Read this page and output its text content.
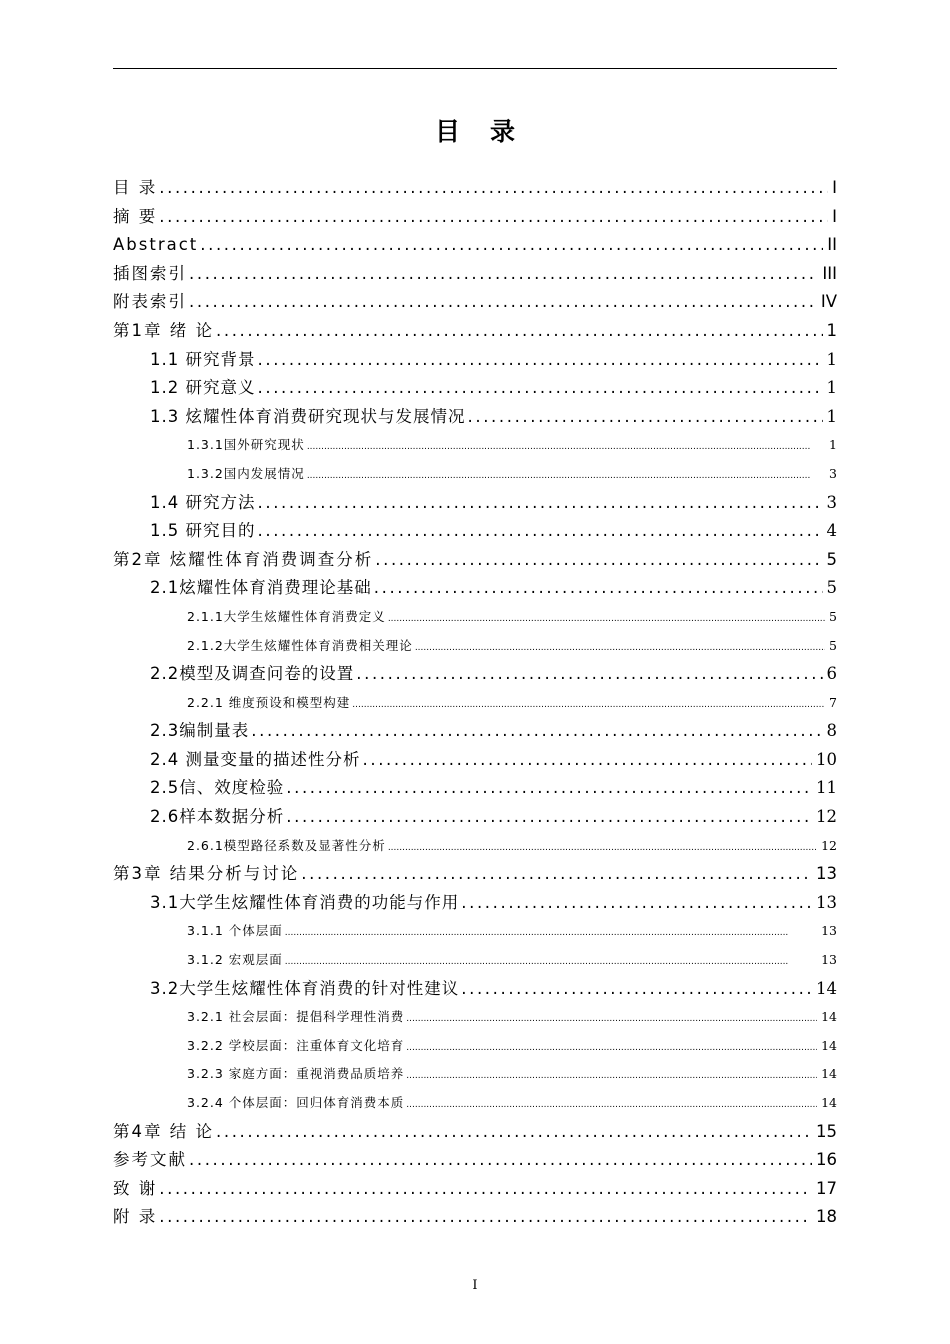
目录
目 录 .....	I
摘 要 .....	I
Abstract .....	II
插图索引 .....	III
附表索引 .....	IV
第1章 绪 论 .....	1
1.1 研究背景 .....	1
1.2 研究意义 .....	1
1.3 炫耀性体育消费研究现状与发展情况 .....	1
1.3.1国外研究现状 .....	1
1.3.2国内发展情况 .....	3
1.4 研究方法 .....	3
1.5 研究目的 .....	4
第2章 炫耀性体育消费调查分析 .....	5
2.1炫耀性体育消费理论基础 .....	5
2.1.1大学生炫耀性体育消费定义 .....	5
2.1.2大学生炫耀性体育消费相关理论 .....	5
2.2模型及调查问卷的设置 .....	6
2.2.1 维度预设和模型构建 .....	7
2.3编制量表 .....	8
2.4 测量变量的描述性分析 .....	10
2.5信、效度检验 .....	11
2.6样本数据分析 .....	12
2.6.1模型路径系数及显著性分析 .....	12
第3章 结果分析与讨论 .....	13
3.1大学生炫耀性体育消费的功能与作用 .....	13
3.1.1 个体层面 .....	13
3.1.2 宏观层面 .....	13
3.2大学生炫耀性体育消费的针对性建议 .....	14
3.2.1 社会层面：提倡科学理性消费 .....	14
3.2.2 学校层面：注重体育文化培育 .....	14
3.2.3 家庭方面：重视消费品质培养 .....	14
3.2.4 个体层面：回归体育消费本质 .....	14
第4章 结 论 .....	15
参考文献 .....	16
致 谢 .....	17
附 录 .....	18
I
